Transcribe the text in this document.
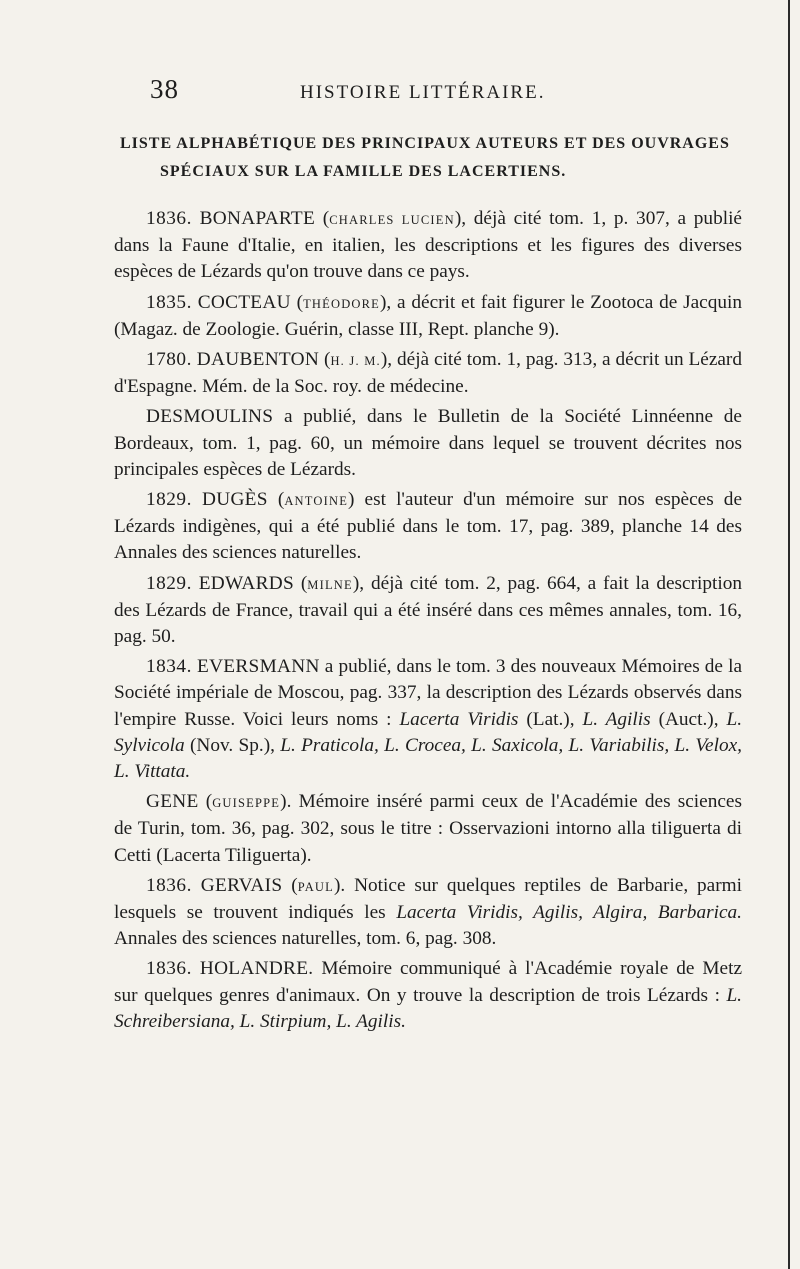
38	HISTOIRE LITTÉRAIRE.
LISTE ALPHABÉTIQUE DES PRINCIPAUX AUTEURS ET DES OUVRAGES
SPÉCIAUX SUR LA FAMILLE DES LACERTIENS.

1836. BONAPARTE (CHARLES LUCIEN), déjà cité tom. 1, p. 307, a publié dans la Faune d'Italie, en italien, les descriptions et les figures des diverses espèces de Lézards qu'on trouve dans ce pays.

1835. COCTEAU (THÉODORE), a décrit et fait figurer le Zootoca de Jacquin (Magaz. de Zoologie. Guérin, classe III, Rept. planche 9).

1780. DAUBENTON (H. J. M.), déjà cité tom. 1, pag. 313, a décrit un Lézard d'Espagne. Mém. de la Soc. roy. de médecine.

DESMOULINS a publié, dans le Bulletin de la Société Linnéenne de Bordeaux, tom. 1, pag. 60, un mémoire dans lequel se trouvent décrites nos principales espèces de Lézards.

1829. DUGÈS (ANTOINE) est l'auteur d'un mémoire sur nos espèces de Lézards indigènes, qui a été publié dans le tom. 17, pag. 389, planche 14 des Annales des sciences naturelles.

1829. EDWARDS (MILNE), déjà cité tom. 2, pag. 664, a fait la description des Lézards de France, travail qui a été inséré dans ces mêmes annales, tom. 16, pag. 50.

1834. EVERSMANN a publié, dans le tom. 3 des nouveaux Mémoires de la Société impériale de Moscou, pag. 337, la description des Lézards observés dans l'empire Russe. Voici leurs noms : Lacerta Viridis (Lat.), L. Agilis (Auct.), L. Sylvicola (Nov. Sp.), L. Praticola, L. Crocea, L. Saxicola, L. Variabilis, L. Velox, L. Vittata.

GENE (GUISEPPE). Mémoire inséré parmi ceux de l'Académie des sciences de Turin, tom. 36, pag. 302, sous le titre : Osservazioni intorno alla tiliguerta di Cetti (Lacerta Tiliguerta).

1836. GERVAIS (PAUL). Notice sur quelques reptiles de Barbarie, parmi lesquels se trouvent indiqués les Lacerta Viridis, Agilis, Algira, Barbarica. Annales des sciences naturelles, tom. 6, pag. 308.

1836. HOLANDRE. Mémoire communiqué à l'Académie royale de Metz sur quelques genres d'animaux. On y trouve la description de trois Lézards : L. Schreibersiana, L. Stirpium, L. Agilis.
